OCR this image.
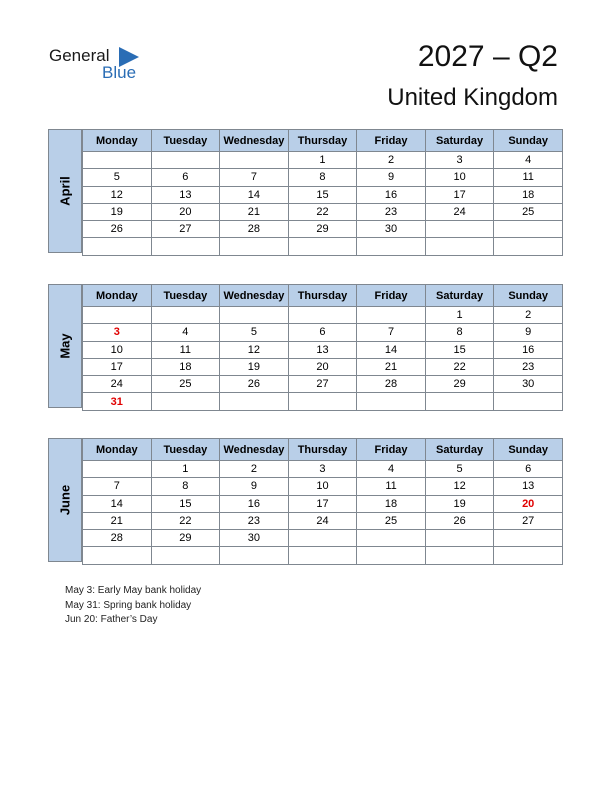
General
Blue	2027 – Q2
United Kingdom
April
Monday	Tuesday	Wednesday	Thursday	Friday	Saturday	Sunday
			1	2	3	4
5	6	7	8	9	10	11
12	13	14	15	16	17	18
19	20	21	22	23	24	25
26	27	28	29	30		

May
Monday	Tuesday	Wednesday	Thursday	Friday	Saturday	Sunday
					1	2
3	4	5	6	7	8	9
10	11	12	13	14	15	16
17	18	19	20	21	22	23
24	25	26	27	28	29	30
31						
June
Monday	Tuesday	Wednesday	Thursday	Friday	Saturday	Sunday
	1	2	3	4	5	6
7	8	9	10	11	12	13
14	15	16	17	18	19	20
21	22	23	24	25	26	27
28	29	30				

May 3: Early May bank holiday
May 31: Spring bank holiday
Jun 20: Father’s Day
